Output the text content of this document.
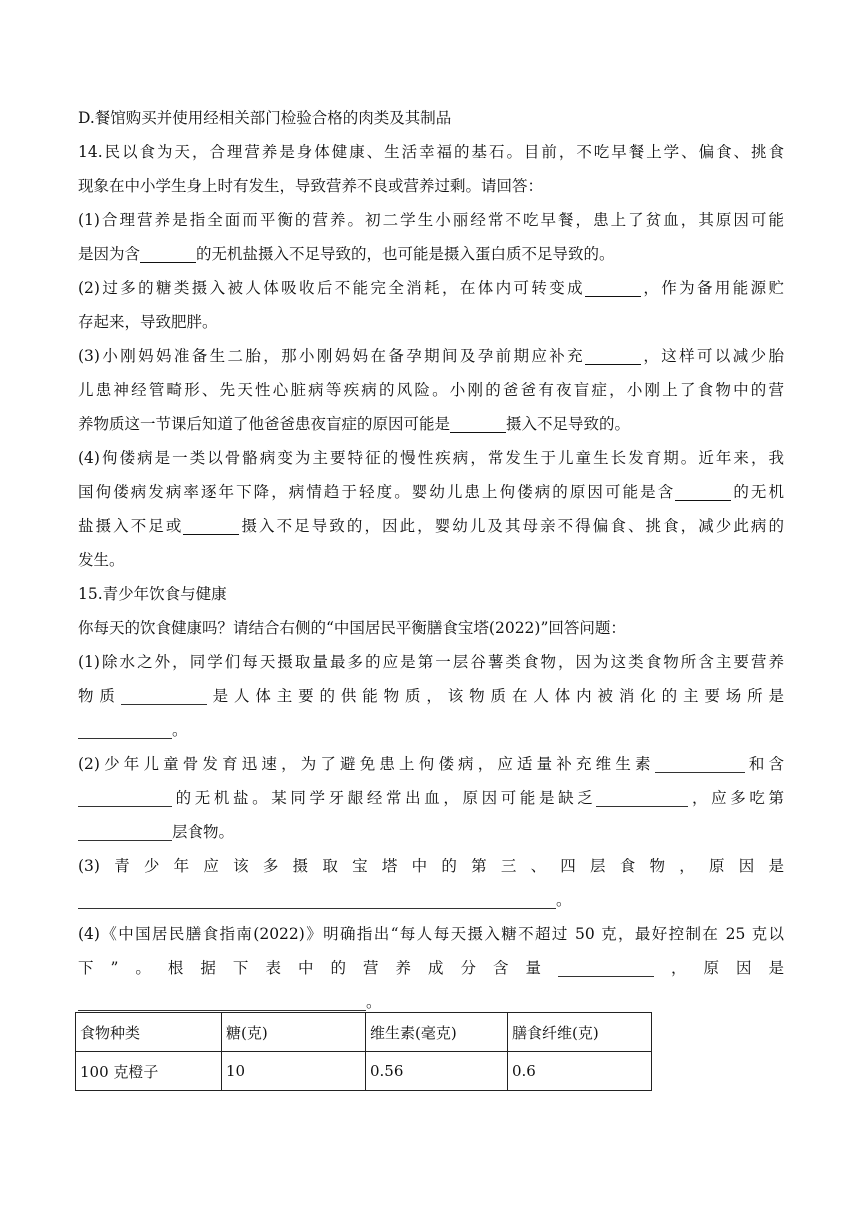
D.餐馆购买并使用经相关部门检验合格的肉类及其制品
14.民以食为天，合理营养是身体健康、生活幸福的基石。目前，不吃早餐上学、偏食、挑食
现象在中小学生身上时有发生，导致营养不良或营养过剩。请回答：
(1)合理营养是指全面而平衡的营养。初二学生小丽经常不吃早餐，患上了贫血，其原因可能
是因为含	的无机盐摄入不足导致的，也可能是摄入蛋白质不足导致的。
(2)过多的糖类摄入被人体吸收后不能完全消耗，在体内可转变成	，作为备用能源贮
存起来，导致肥胖。
(3)小刚妈妈准备生二胎，那小刚妈妈在备孕期间及孕前期应补充	，这样可以减少胎
儿患神经管畸形、先天性心脏病等疾病的风险。小刚的爸爸有夜盲症，小刚上了食物中的营
养物质这一节课后知道了他爸爸患夜盲症的原因可能是	摄入不足导致的。
(4)佝偻病是一类以骨骼病变为主要特征的慢性疾病，常发生于儿童生长发育期。近年来，我
国佝偻病发病率逐年下降，病情趋于轻度。婴幼儿患上佝偻病的原因可能是含	的无机
盐摄入不足或	摄入不足导致的，因此，婴幼儿及其母亲不得偏食、挑食，减少此病的
发生。
15.青少年饮食与健康
你每天的饮食健康吗？请结合右侧的“中国居民平衡膳食宝塔(2022)”回答问题：
(1)除水之外，同学们每天摄取量最多的应是第一层谷薯类食物，因为这类食物所含主要营养
物质	是人体主要的供能物质，该物质在人体内被消化的主要场所是
。
(2)少年儿童骨发育迅速，为了避免患上佝偻病，应适量补充维生素	和含
的无机盐。某同学牙龈经常出血，原因可能是缺乏	，应多吃第
层食物。
(3)青少年应该多摄取宝塔中的第三、四层食物，原因是
。
(4)《中国居民膳食指南(2022)》明确指出“每人每天摄入糖不超过 50 克，最好控制在 25 克以
下”。根据下表中的营养成分含量	，原因是
。
食物种类	糖(克)	维生素(毫克)	膳食纤维(克)
100 克橙子	10	0.56	0.6
